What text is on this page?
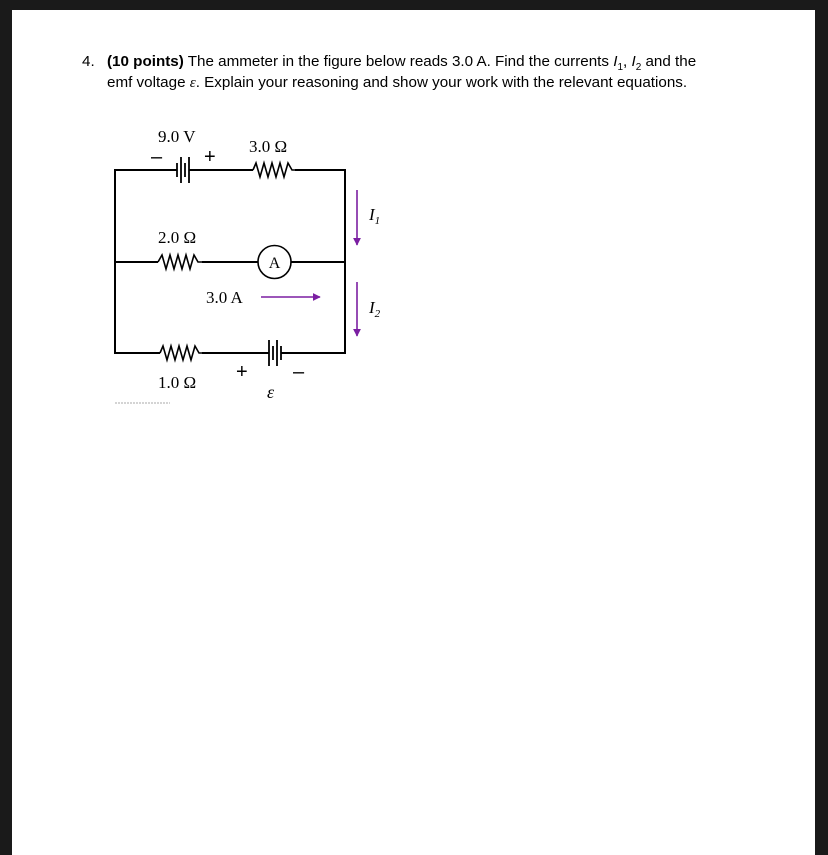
4. (10 points) The ammeter in the figure below reads 3.0 A. Find the currents $I_1$, $I_2$ and the
emf voltage ε. Explain your reasoning and show your work with the relevant equations.
9.0 V
– + 3.0 Ω
2.0 Ω
A
3.0 A
$I_1$
$I_2$
1.0 Ω + –
ε
